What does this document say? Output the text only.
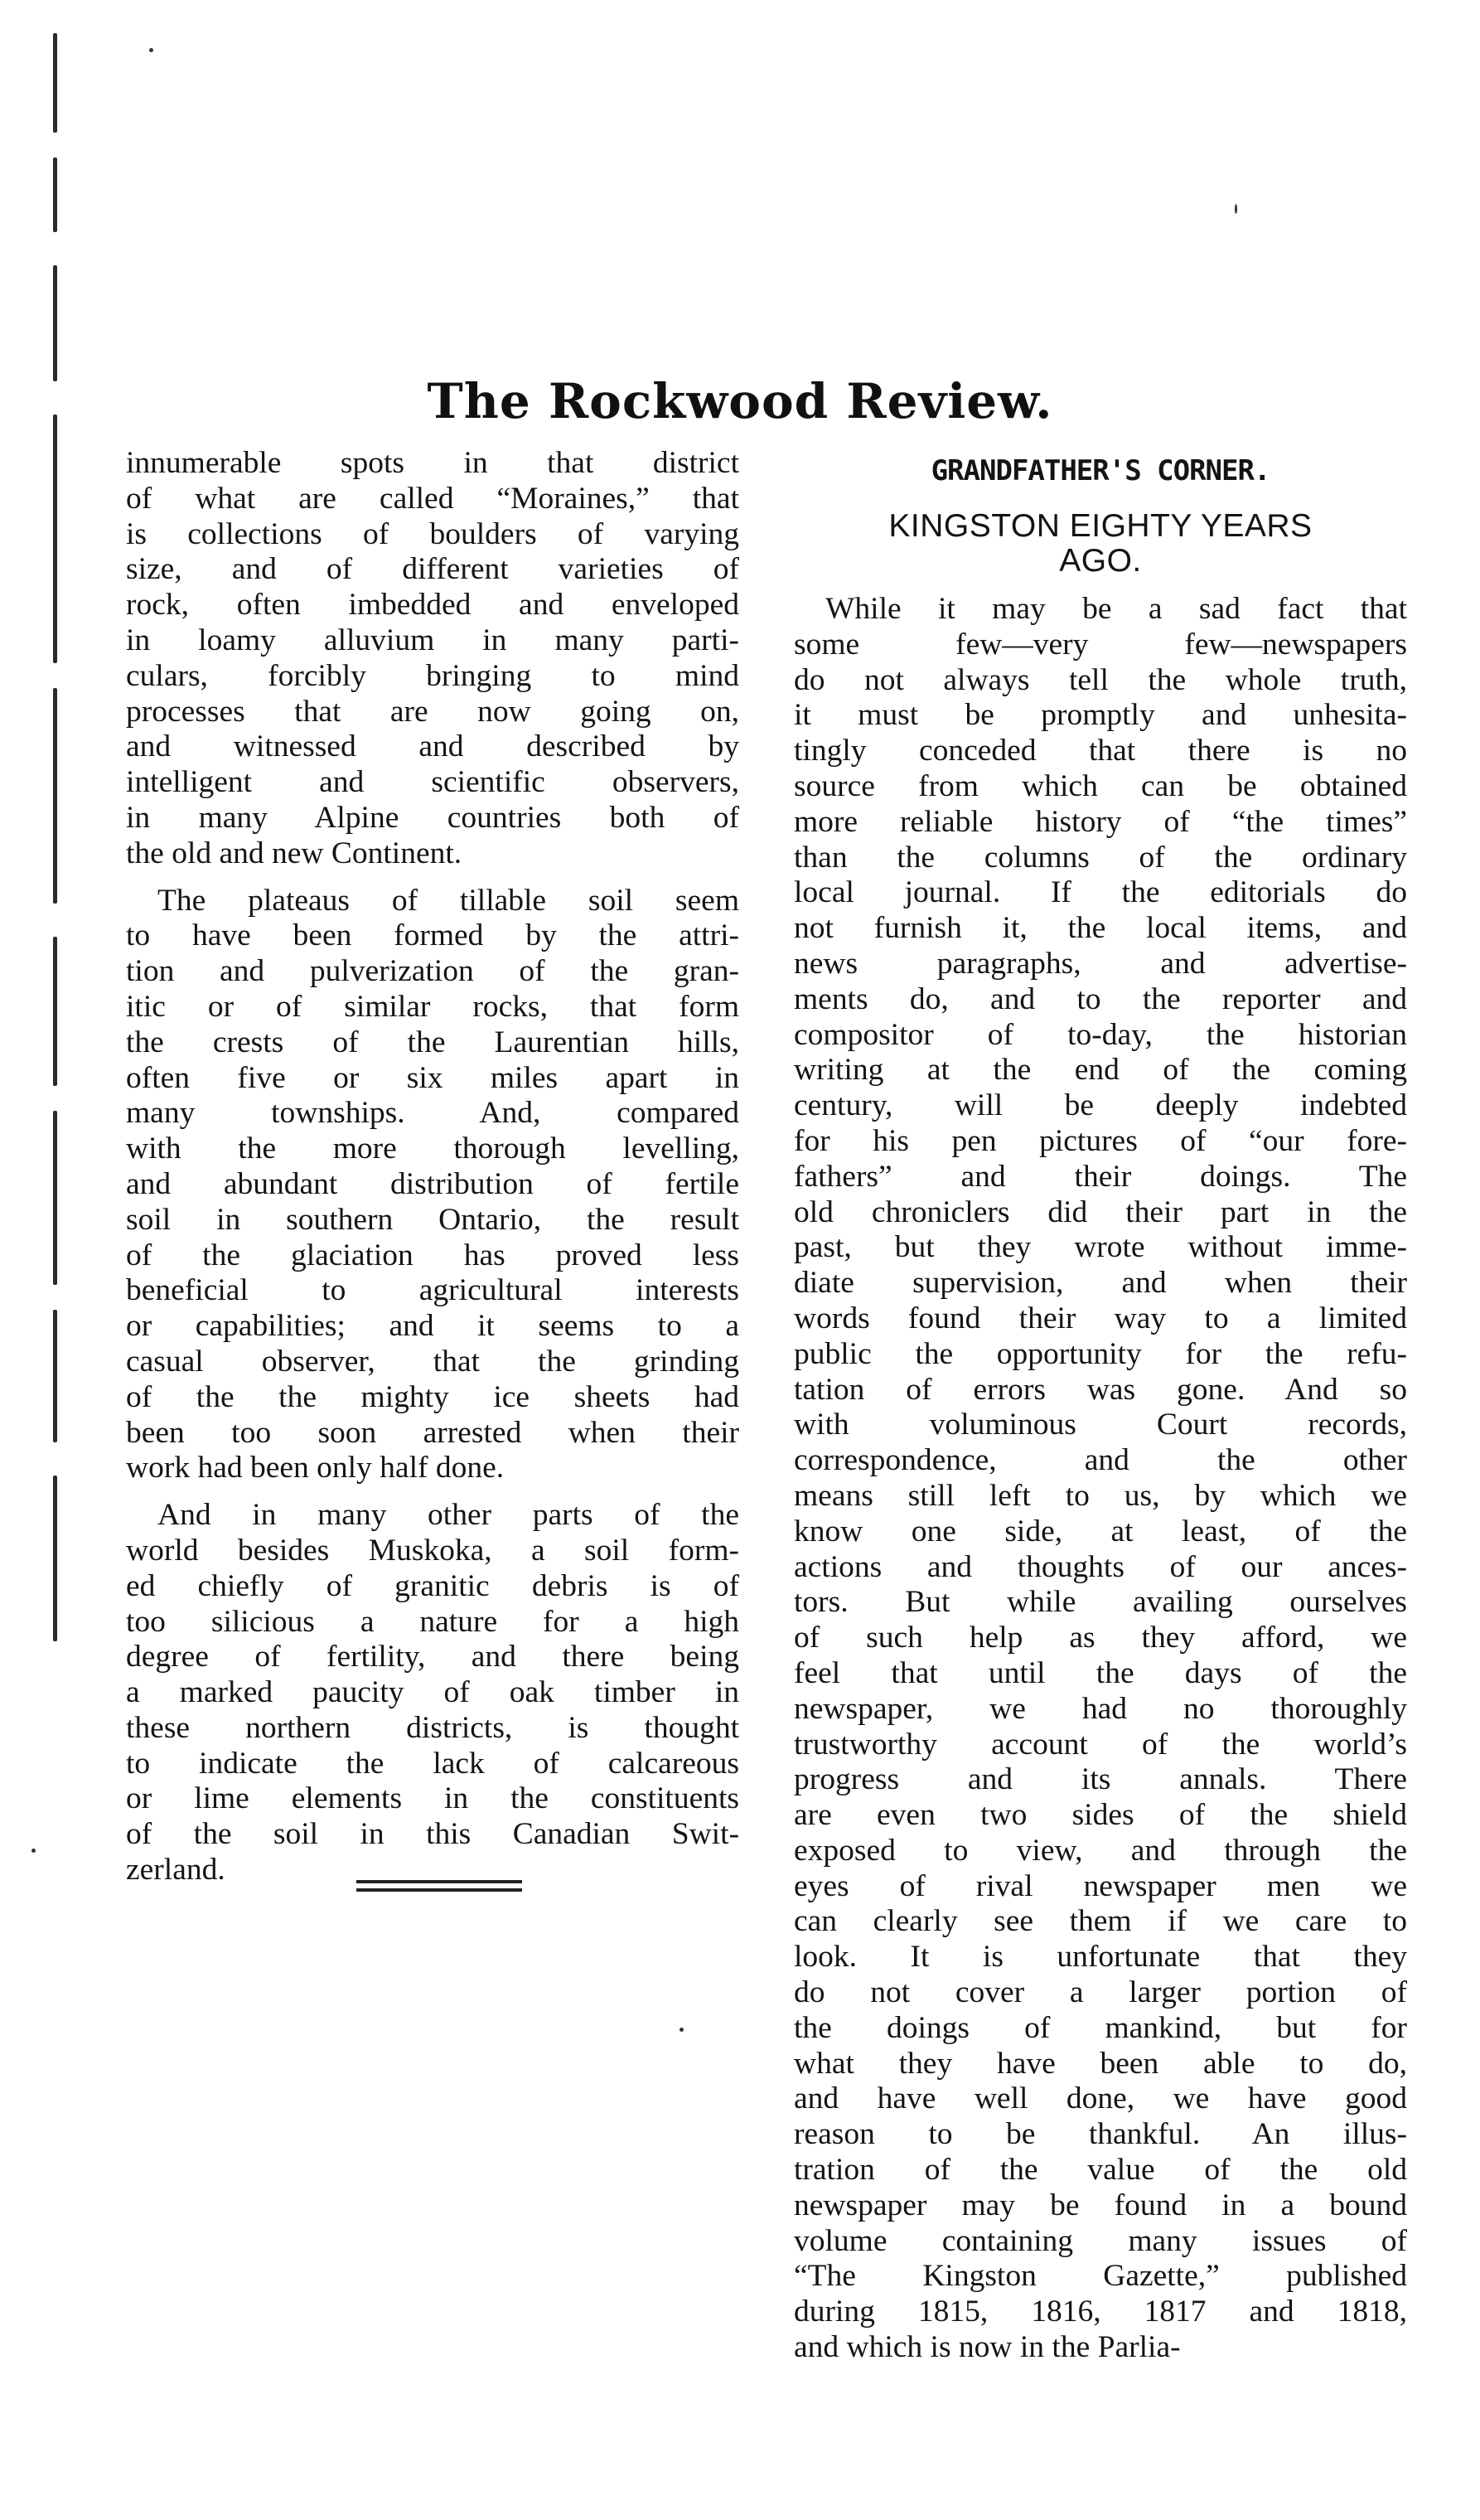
The Rockwood Review.
innumerable spots in that district
of what are called “Moraines,” that
is collections of boulders of varying
size, and of different varieties of
rock, often imbedded and enveloped
in loamy alluvium in many parti-
culars, forcibly bringing to mind
processes that are now going on,
and witnessed and described by
intelligent and scientific observers,
in many Alpine countries both of
the old and new Continent.
The plateaus of tillable soil seem
to have been formed by the attri-
tion and pulverization of the gran-
itic or of similar rocks, that form
the crests of the Laurentian hills,
often five or six miles apart in
many townships. And, compared
with the more thorough levelling,
and abundant distribution of fertile
soil in southern Ontario, the result
of the glaciation has proved less
beneficial to agricultural interests
or capabilities; and it seems to a
casual observer, that the grinding
of the the mighty ice sheets had
been too soon arrested when their
work had been only half done.
And in many other parts of the
world besides Muskoka, a soil form-
ed chiefly of granitic debris is of
too silicious a nature for a high
degree of fertility, and there being
a marked paucity of oak timber in
these northern districts, is thought
to indicate the lack of calcareous
or lime elements in the constituents
of the soil in this Canadian Swit-
zerland.
GRANDFATHER'S CORNER.
KINGSTON EIGHTY YEARS
AGO.
While it may be a sad fact that
some few—very few—newspapers
do not always tell the whole truth,
it must be promptly and unhesita-
tingly conceded that there is no
source from which can be obtained
more reliable history of “the times”
than the columns of the ordinary
local journal. If the editorials do
not furnish it, the local items, and
news paragraphs, and advertise-
ments do, and to the reporter and
compositor of to-day, the historian
writing at the end of the coming
century, will be deeply indebted
for his pen pictures of “our fore-
fathers” and their doings. The
old chroniclers did their part in the
past, but they wrote without imme-
diate supervision, and when their
words found their way to a limited
public the opportunity for the refu-
tation of errors was gone. And so
with voluminous Court records,
correspondence, and the other
means still left to us, by which we
know one side, at least, of the
actions and thoughts of our ances-
tors. But while availing ourselves
of such help as they afford, we
feel that until the days of the
newspaper, we had no thoroughly
trustworthy account of the world’s
progress and its annals. There
are even two sides of the shield
exposed to view, and through the
eyes of rival newspaper men we
can clearly see them if we care to
look. It is unfortunate that they
do not cover a larger portion of
the doings of mankind, but for
what they have been able to do,
and have well done, we have good
reason to be thankful. An illus-
tration of the value of the old
newspaper may be found in a bound
volume containing many issues of
“The Kingston Gazette,” published
during 1815, 1816, 1817 and 1818,
and which is now in the Parlia-
